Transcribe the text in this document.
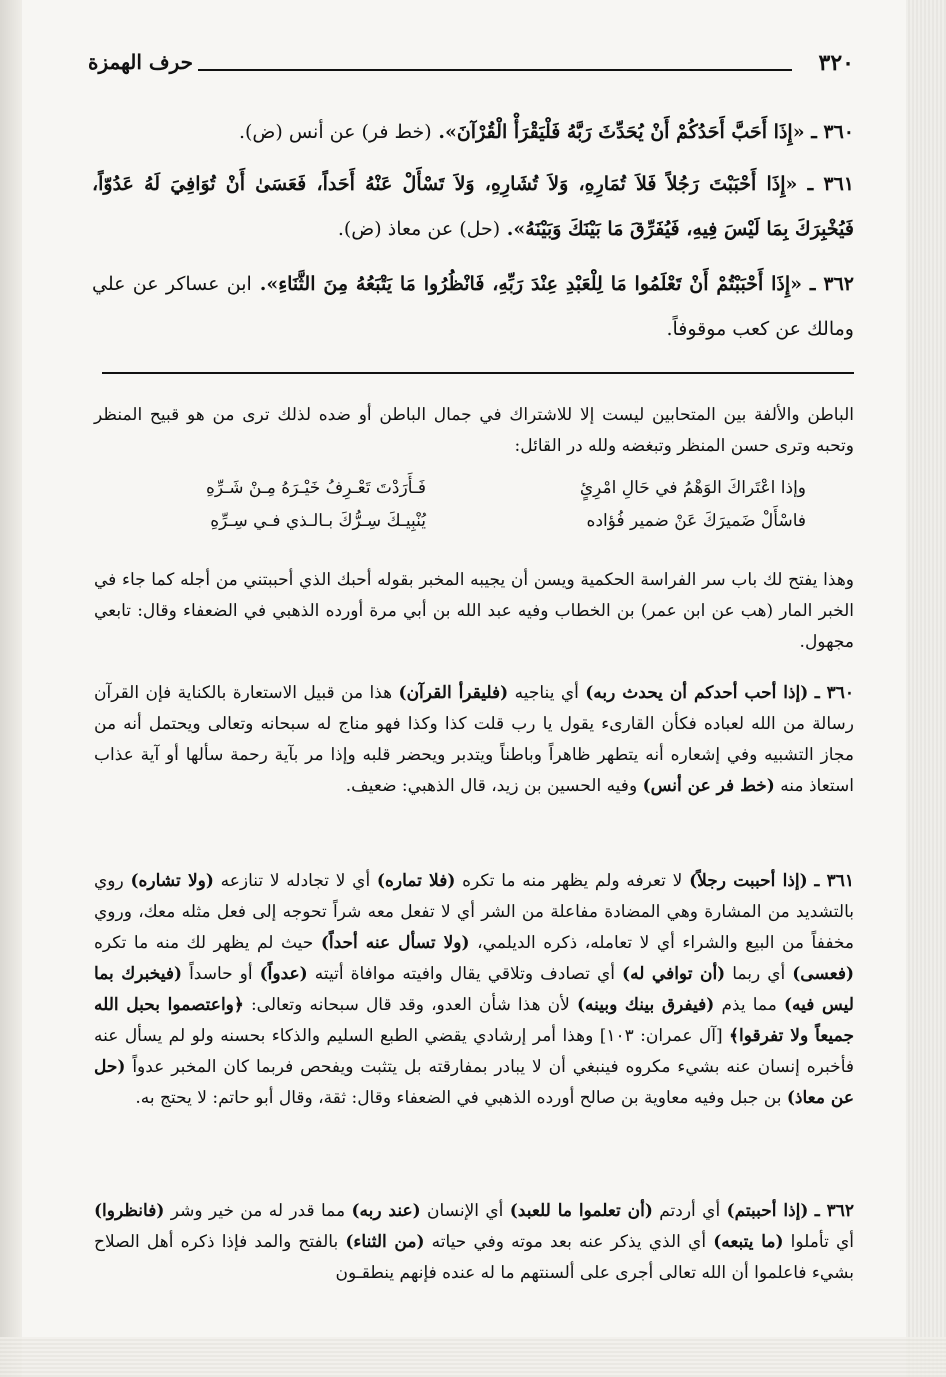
٣٢٠
حرف الهمزة
٣٦٠ ـ «إِذَا أَحَبَّ أَحَدُكُمْ أَنْ يُحَدِّثَ رَبَّهُ فَلْيَقْرَأْ الْقُرْآنَ». (خط فر) عن أنس (ض).
٣٦١ ـ «إِذَا أَحْبَبْتَ رَجُلاً فَلاَ تُمَارِهِ، وَلاَ تُشَارِهِ، وَلاَ تَسْأَلْ عَنْهُ أَحَداً، فَعَسَىٰ أَنْ تُوَافِيَ لَهُ عَدُوّاً، فَيُخْبِرَكَ بِمَا لَيْسَ فِيهِ، فَيُفَرِّقَ مَا بَيْنَكَ وَبَيْنَهُ». (حل) عن معاذ (ض).
٣٦٢ ـ «إِذَا أَحْبَبْتُمْ أَنْ تَعْلَمُوا مَا لِلْعَبْدِ عِنْدَ رَبِّهِ، فَانْظُرُوا مَا يَتْبَعُهُ مِنَ الثَّنَاءِ». ابن عساكر عن علي ومالك عن كعب موقوفاً.
الباطن والألفة بين المتحابين ليست إلا للاشتراك في جمال الباطن أو ضده لذلك ترى من هو قبيح المنظر وتحبه وترى حسن المنظر وتبغضه ولله در القائل:
وإذا اعْتَراكَ الوَهْمُ في حَالِ امْرِئٍ
فَـأَرَدْتَ تَعْـرِفُ خَيْـرَهُ مِـنْ شَـرِّهِ
فاسْأَلْ ضَميرَكَ عَنْ ضمير فُؤاده
يُنْبِيـكَ سِـرُّكَ بـالـذي فـي سِـرِّهِ
وهذا يفتح لك باب سر الفراسة الحكمية ويسن أن يجيبه المخبر بقوله أحبك الذي أحببتني من أجله كما جاء في الخبر المار (هب عن ابن عمر) بن الخطاب وفيه عبد الله بن أبي مرة أورده الذهبي في الضعفاء وقال: تابعي مجهول.
٣٦٠ ـ (إذا أحب أحدكم أن يحدث ربه) أي يناجيه (فليقرأ القرآن) هذا من قبيل الاستعارة بالكناية فإن القرآن رسالة من الله لعباده فكأن القارىء يقول يا رب قلت كذا وكذا فهو مناج له سبحانه وتعالى ويحتمل أنه من مجاز التشبيه وفي إشعاره أنه يتطهر ظاهراً وباطناً ويتدبر ويحضر قلبه وإذا مر بآية رحمة سألها أو آية عذاب استعاذ منه (خط فر عن أنس) وفيه الحسين بن زيد، قال الذهبي: ضعيف.
٣٦١ ـ (إذا أحببت رجلاً) لا تعرفه ولم يظهر منه ما تكره (فلا تماره) أي لا تجادله لا تنازعه (ولا تشاره) روي بالتشديد من المشارة وهي المضادة مفاعلة من الشر أي لا تفعل معه شراً تحوجه إلى فعل مثله معك، وروي مخففاً من البيع والشراء أي لا تعامله، ذكره الديلمي، (ولا تسأل عنه أحداً) حيث لم يظهر لك منه ما تكره (فعسى) أي ربما (أن توافي له) أي تصادف وتلاقي يقال وافيته موافاة أتيته (عدواً) أو حاسداً (فيخبرك بما ليس فيه) مما يذم (فيفرق بينك وبينه) لأن هذا شأن العدو، وقد قال سبحانه وتعالى: ﴿واعتصموا بحبل الله جميعاً ولا تفرقوا﴾ [آل عمران: ١٠٣] وهذا أمر إرشادي يقضي الطبع السليم والذكاء بحسنه ولو لم يسأل عنه فأخبره إنسان عنه بشيء مكروه فينبغي أن لا يبادر بمفارقته بل يتثبت ويفحص فربما كان المخبر عدواً (حل عن معاذ) بن جبل وفيه معاوية بن صالح أورده الذهبي في الضعفاء وقال: ثقة، وقال أبو حاتم: لا يحتج به.
٣٦٢ ـ (إذا أحببتم) أي أردتم (أن تعلموا ما للعبد) أي الإنسان (عند ربه) مما قدر له من خير وشر (فانظروا) أي تأملوا (ما يتبعه) أي الذي يذكر عنه بعد موته وفي حياته (من الثناء) بالفتح والمد فإذا ذكره أهل الصلاح بشيء فاعلموا أن الله تعالى أجرى على ألسنتهم ما له عنده فإنهم ينطقـون
